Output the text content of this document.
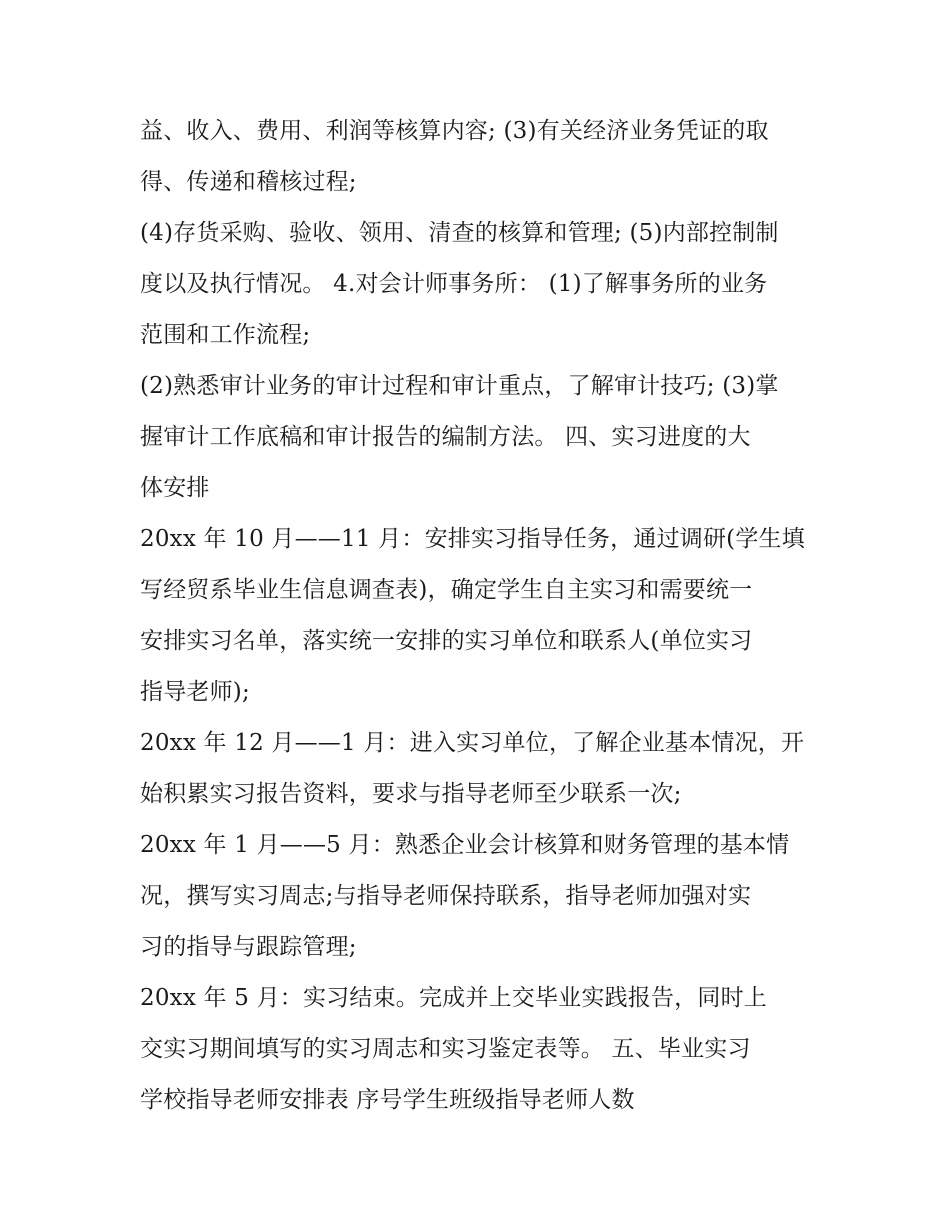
益、收入、费用、利润等核算内容; (3)有关经济业务凭证的取
得、传递和稽核过程;
(4)存货采购、验收、领用、清查的核算和管理; (5)内部控制制
度以及执行情况。 4.对会计师事务所： (1)了解事务所的业务
范围和工作流程;
(2)熟悉审计业务的审计过程和审计重点，了解审计技巧; (3)掌
握审计工作底稿和审计报告的编制方法。 四、实习进度的大
体安排
20xx 年 10 月——11 月：安排实习指导任务，通过调研(学生填
写经贸系毕业生信息调查表)，确定学生自主实习和需要统一
安排实习名单，落实统一安排的实习单位和联系人(单位实习
指导老师);
20xx 年 12 月——1 月：进入实习单位，了解企业基本情况，开
始积累实习报告资料，要求与指导老师至少联系一次;
20xx 年 1 月——5 月：熟悉企业会计核算和财务管理的基本情
况，撰写实习周志;与指导老师保持联系，指导老师加强对实
习的指导与跟踪管理;
20xx 年 5 月：实习结束。完成并上交毕业实践报告，同时上
交实习期间填写的实习周志和实习鉴定表等。 五、毕业实习
学校指导老师安排表 序号学生班级指导老师人数
